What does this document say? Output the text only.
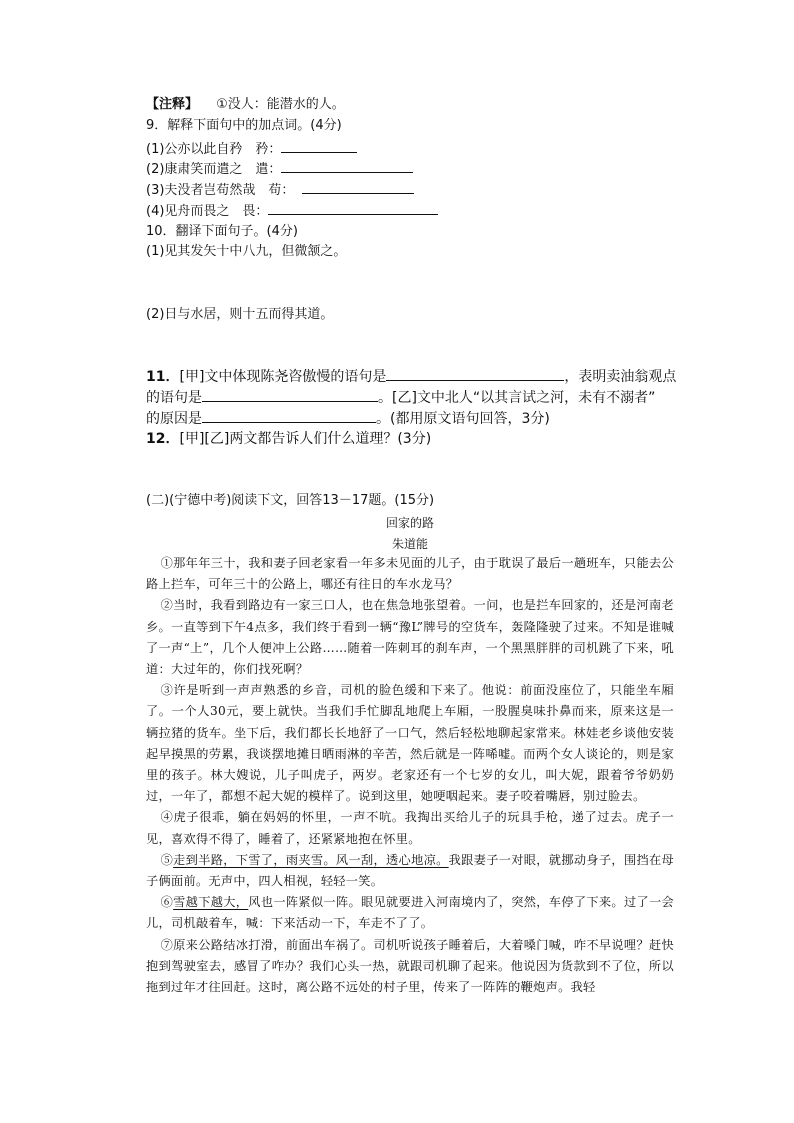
【注释】 ①没人：能潜水的人。
9．解释下面句中的加点词。(4分)
(1)公亦以此自矜　矜：
(2)康肃笑而遣之　遣：
(3)夫没者岂苟然哉　苟：
(4)见舟而畏之　畏：
10．翻译下面句子。(4分)
(1)见其发矢十中八九，但微颔之。
(2)日与水居，则十五而得其道。
11．[甲]文中体现陈尧咨傲慢的语句是	，表明卖油翁观点
的语句是	。[乙]文中北人“以其言试之河，未有不溺者”
的原因是	。(都用原文语句回答，3分)
12．[甲][乙]两文都告诉人们什么道理？(3分)
(二)(宁德中考)阅读下文，回答13－17题。(15分)
回家的路
朱道能

①那年年三十，我和妻子回老家看一年多未见面的儿子，由于耽误了最后一趟班车，只能去公路上拦车，可年三十的公路上，哪还有往日的车水龙马？

②当时，我看到路边有一家三口人，也在焦急地张望着。一问，也是拦车回家的，还是河南老乡。一直等到下午4点多，我们终于看到一辆“豫L”牌号的空货车，轰隆隆驶了过来。不知是谁喊了一声“上”，几个人便冲上公路……随着一阵刺耳的刹车声，一个黑黑胖胖的司机跳了下来，吼道：大过年的，你们找死啊？

③许是听到一声声熟悉的乡音，司机的脸色缓和下来了。他说：前面没座位了，只能坐车厢了。一个人30元，要上就快。当我们手忙脚乱地爬上车厢，一股腥臭味扑鼻而来，原来这是一辆拉猪的货车。坐下后，我们都长长地舒了一口气，然后轻松地聊起家常来。林娃老乡谈他安装起早摸黑的劳累，我谈摆地摊日晒雨淋的辛苦，然后就是一阵唏嘘。而两个女人谈论的，则是家里的孩子。林大嫂说，儿子叫虎子，两岁。老家还有一个七岁的女儿，叫大妮，跟着爷爷奶奶过，一年了，都想不起大妮的模样了。说到这里，她哽咽起来。妻子咬着嘴唇，别过脸去。

④虎子很乖，躺在妈妈的怀里，一声不吭。我掏出买给儿子的玩具手枪，递了过去。虎子一见，喜欢得不得了，睡着了，还紧紧地抱在怀里。

⑤走到半路，下雪了，雨夹雪。风一刮，透心地凉。我跟妻子一对眼，就挪动身子，围挡在母子俩面前。无声中，四人相视，轻轻一笑。

⑥雪越下越大，风也一阵紧似一阵。眼见就要进入河南境内了，突然，车停了下来。过了一会儿，司机敲着车，喊：下来活动一下，车走不了了。

⑦原来公路结冰打滑，前面出车祸了。司机听说孩子睡着后，大着嗓门喊，咋不早说哩？赶快抱到驾驶室去，感冒了咋办？我们心头一热，就跟司机聊了起来。他说因为货款到不了位，所以拖到过年才往回赶。这时，离公路不远处的村子里，传来了一阵阵的鞭炮声。我轻
